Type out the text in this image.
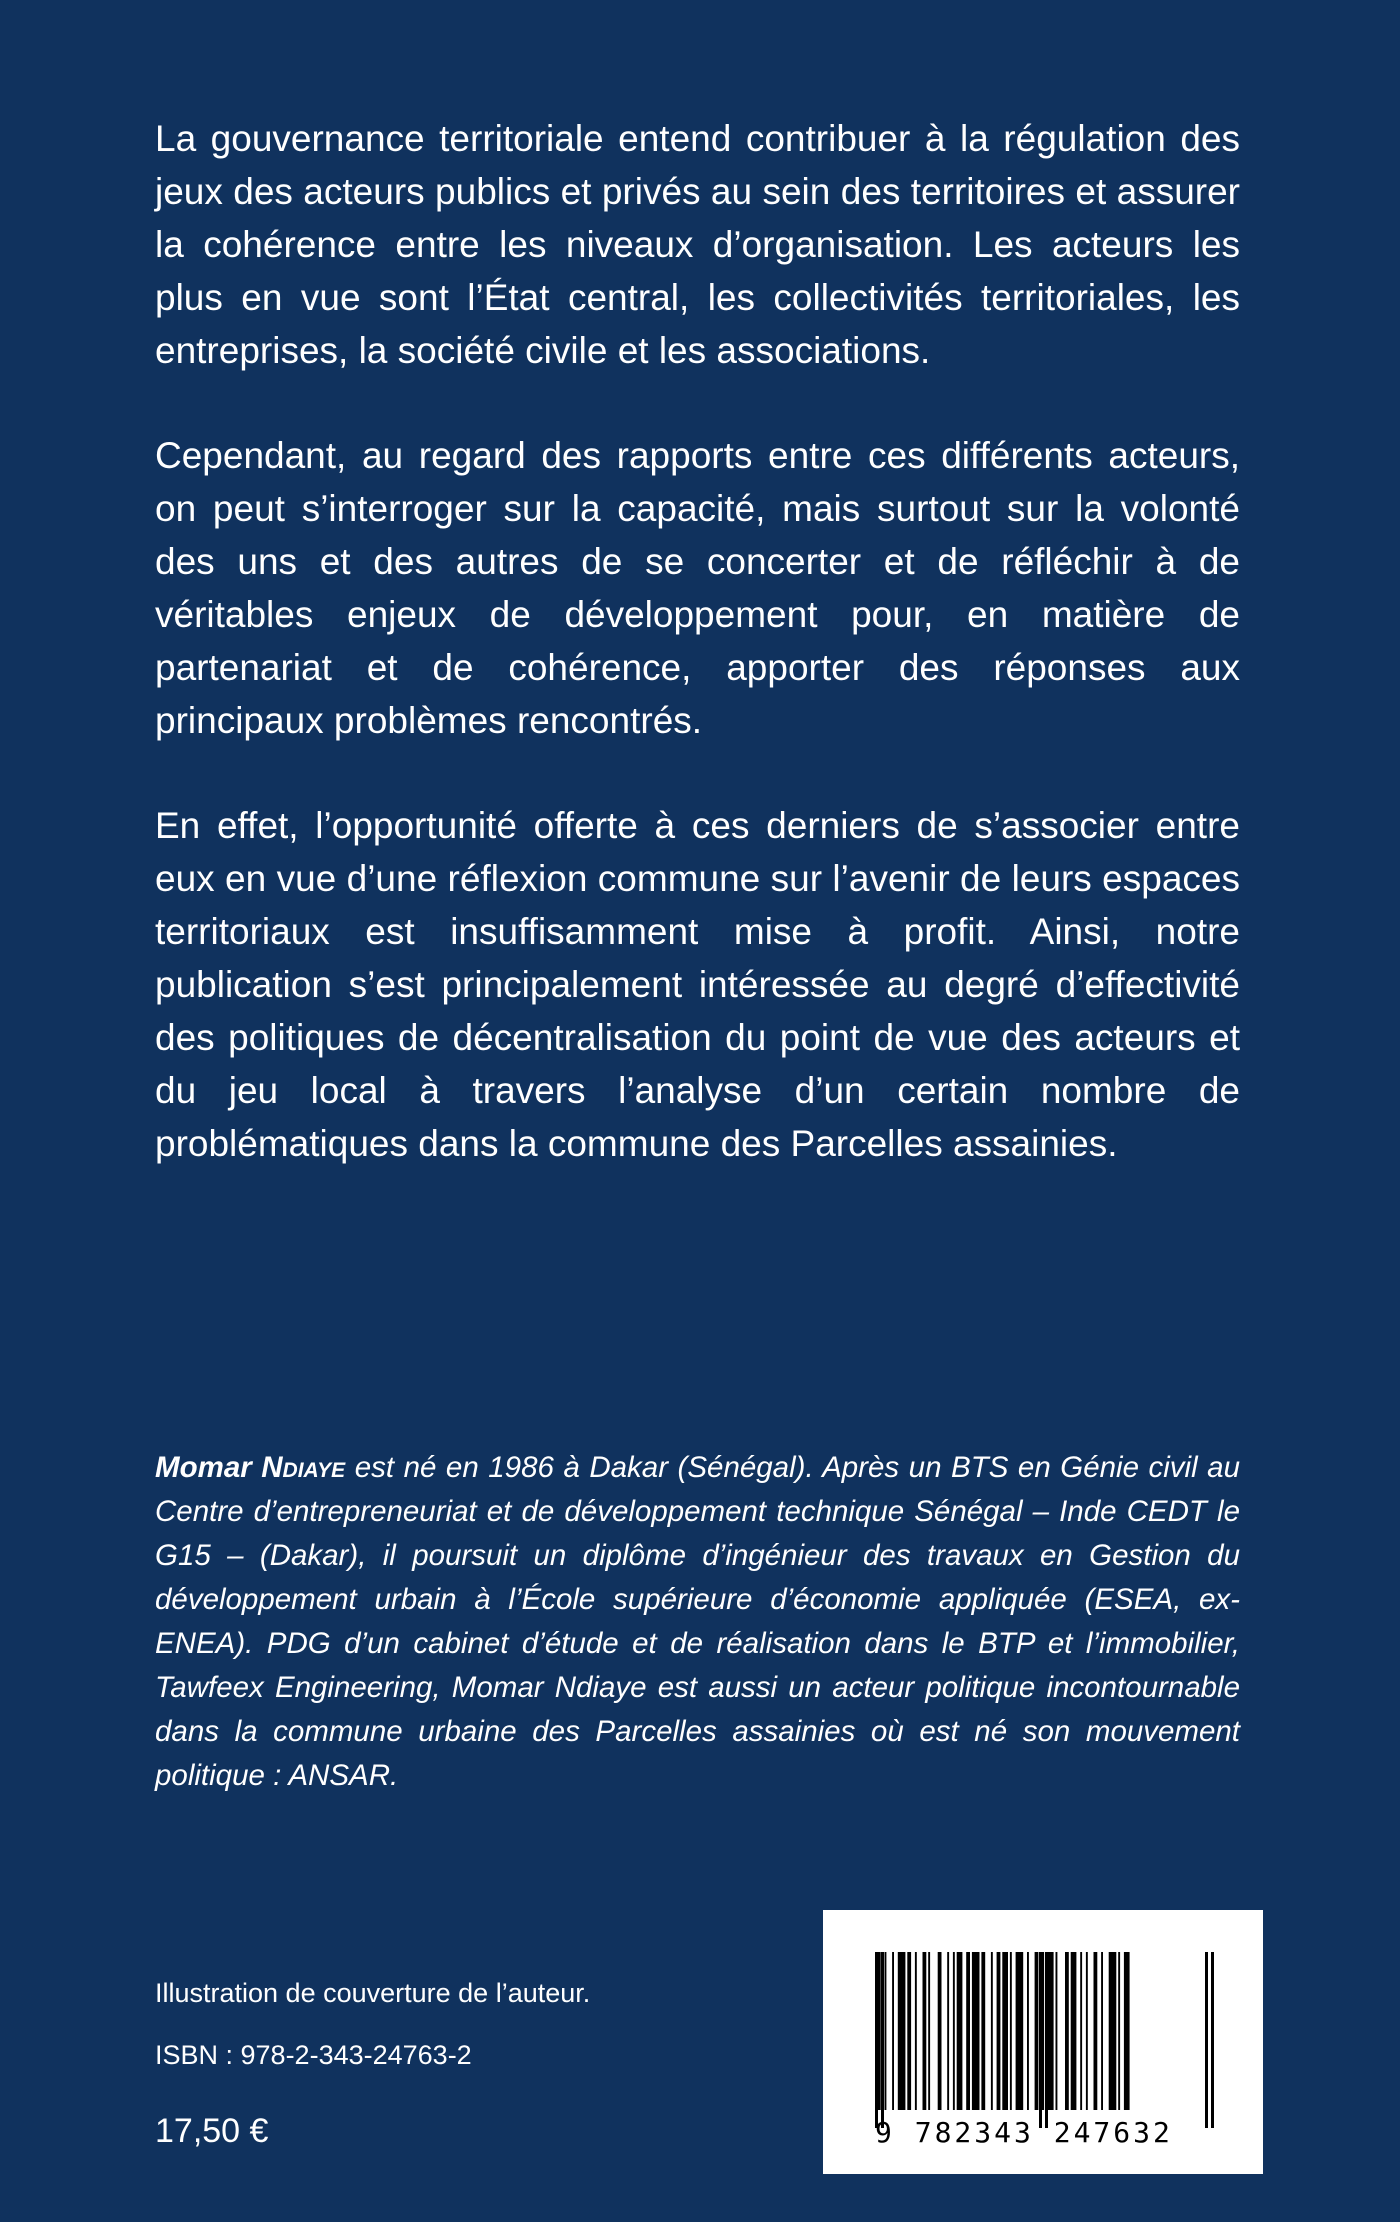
La gouvernance territoriale entend contribuer à la régulation des jeux des acteurs publics et privés au sein des territoires et assurer la cohérence entre les niveaux d’organisation. Les acteurs les plus en vue sont l’État central, les collectivités territoriales, les entreprises, la société civile et les associations.

Cependant, au regard des rapports entre ces différents acteurs, on peut s’interroger sur la capacité, mais surtout sur la volonté des uns et des autres de se concerter et de réfléchir à de véritables enjeux de développement pour, en matière de partenariat et de cohérence, apporter des réponses aux principaux problèmes rencontrés.

En effet, l’opportunité offerte à ces derniers de s’associer entre eux en vue d’une réflexion commune sur l’avenir de leurs espaces territoriaux est insuffisamment mise à profit. Ainsi, notre publication s’est principalement intéressée au degré d’effectivité des politiques de décentralisation du point de vue des acteurs et du jeu local à travers l’analyse d’un certain nombre de problématiques dans la commune des Parcelles assainies.

Momar Ndiaye est né en 1986 à Dakar (Sénégal). Après un BTS en Génie civil au Centre d’entrepreneuriat et de développement technique Sénégal – Inde CEDT le G15 – (Dakar), il poursuit un diplôme d’ingénieur des travaux en Gestion du développement urbain à l’École supérieure d’économie appliquée (ESEA, ex-ENEA). PDG d’un cabinet d’étude et de réalisation dans le BTP et l’immobilier, Tawfeex Engineering, Momar Ndiaye est aussi un acteur politique incontournable dans la commune urbaine des Parcelles assainies où est né son mouvement politique : ANSAR.

Illustration de couverture de l’auteur.
ISBN : 978-2-343-24763-2
17,50 €	9 782343 247632
